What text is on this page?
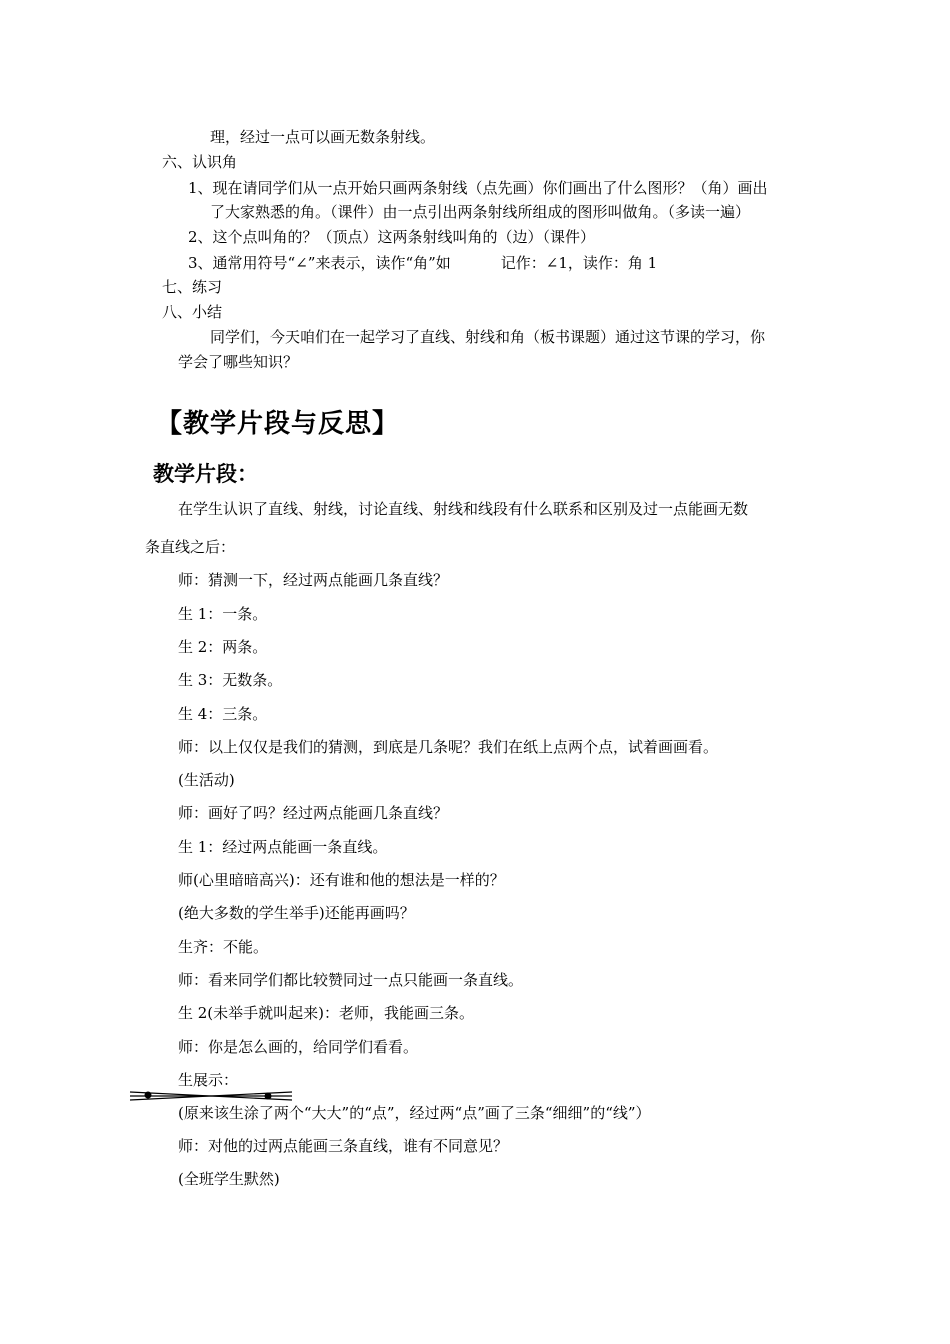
理，经过一点可以画无数条射线。
六、认识角
1、现在请同学们从一点开始只画两条射线（点先画）你们画出了什么图形？（角）画出
了大家熟悉的角。（课件）由一点引出两条射线所组成的图形叫做角。（多读一遍）
2、这个点叫角的？（顶点）这两条射线叫角的（边）（课件）
3、通常用符号“∠”来表示，读作“角”如	记作：∠1，读作：角 1
七、练习
八、小结
同学们，今天咱们在一起学习了直线、射线和角（板书课题）通过这节课的学习，你
学会了哪些知识？
【教学片段与反思】
教学片段：
在学生认识了直线、射线，讨论直线、射线和线段有什么联系和区别及过一点能画无数
条直线之后：
师：猜测一下，经过两点能画几条直线？
生 1：一条。
生 2：两条。
生 3：无数条。
生 4：三条。
师：以上仅仅是我们的猜测，到底是几条呢？我们在纸上点两个点，试着画画看。
(生活动)
师：画好了吗？经过两点能画几条直线？
生 1：经过两点能画一条直线。
师(心里暗暗高兴)：还有谁和他的想法是一样的？
(绝大多数的学生举手)还能再画吗？
生齐：不能。
师：看来同学们都比较赞同过一点只能画一条直线。
生 2(未举手就叫起来)：老师，我能画三条。
师：你是怎么画的，给同学们看看。
生展示：
(原来该生涂了两个“大大”的“点”，经过两“点”画了三条“细细”的“线”）
师：对他的过两点能画三条直线，谁有不同意见？
(全班学生默然)
